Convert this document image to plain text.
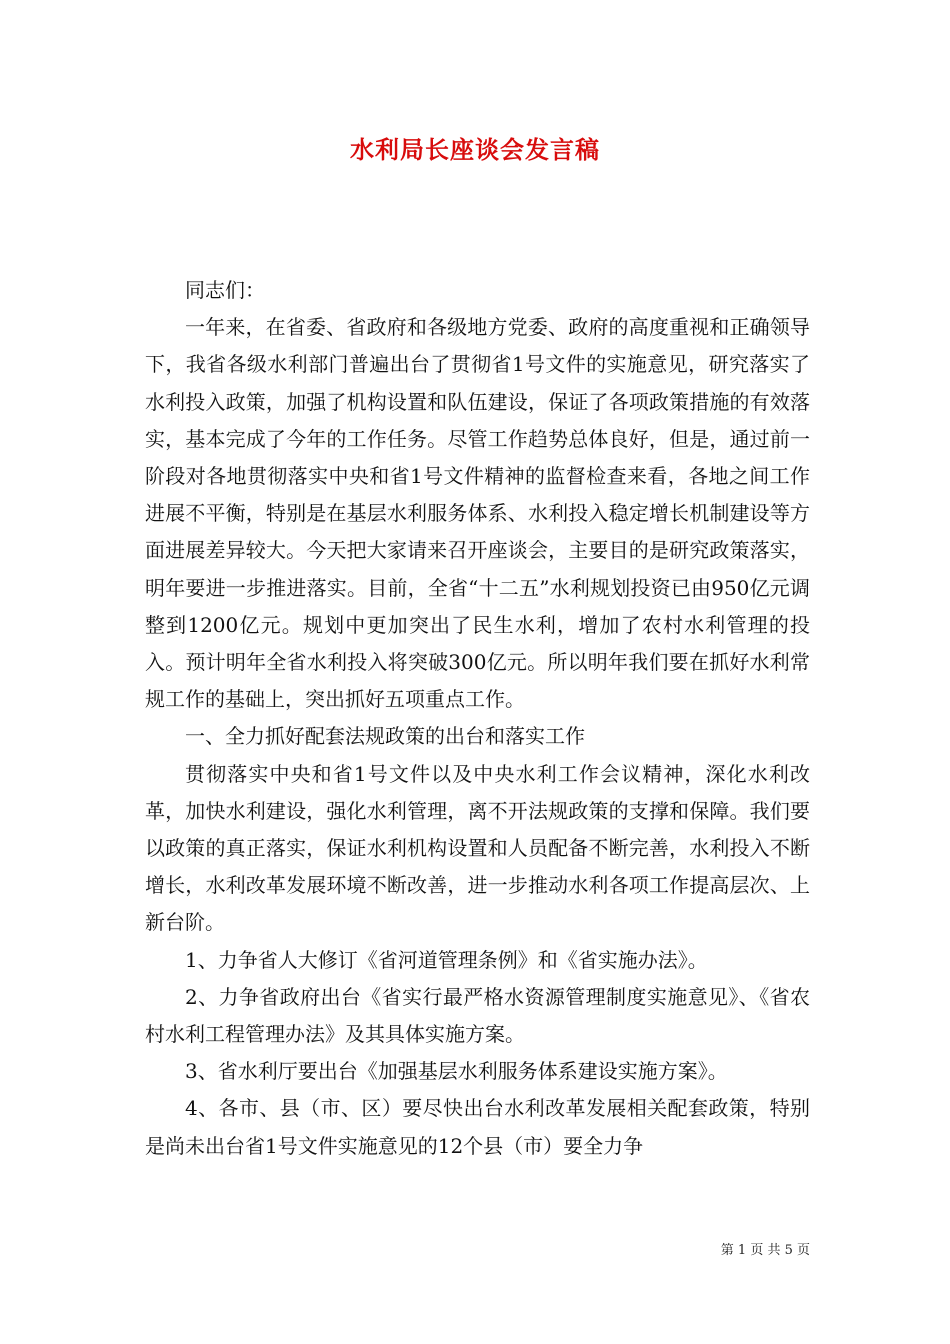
水利局长座谈会发言稿

同志们：

一年来，在省委、省政府和各级地方党委、政府的高度重视和正确领导下，我省各级水利部门普遍出台了贯彻省1号文件的实施意见，研究落实了水利投入政策，加强了机构设置和队伍建设，保证了各项政策措施的有效落实，基本完成了今年的工作任务。尽管工作趋势总体良好，但是，通过前一阶段对各地贯彻落实中央和省1号文件精神的监督检查来看，各地之间工作进展不平衡，特别是在基层水利服务体系、水利投入稳定增长机制建设等方面进展差异较大。今天把大家请来召开座谈会，主要目的是研究政策落实，明年要进一步推进落实。目前，全省“十二五”水利规划投资已由950亿元调整到1200亿元。规划中更加突出了民生水利，增加了农村水利管理的投入。预计明年全省水利投入将突破300亿元。所以明年我们要在抓好水利常规工作的基础上，突出抓好五项重点工作。

一、全力抓好配套法规政策的出台和落实工作

贯彻落实中央和省1号文件以及中央水利工作会议精神，深化水利改革，加快水利建设，强化水利管理，离不开法规政策的支撑和保障。我们要以政策的真正落实，保证水利机构设置和人员配备不断完善，水利投入不断增长，水利改革发展环境不断改善，进一步推动水利各项工作提高层次、上新台阶。

1、力争省人大修订《省河道管理条例》和《省实施办法》。

2、力争省政府出台《省实行最严格水资源管理制度实施意见》、《省农村水利工程管理办法》及其具体实施方案。

3、省水利厅要出台《加强基层水利服务体系建设实施方案》。

4、各市、县（市、区）要尽快出台水利改革发展相关配套政策，特别是尚未出台省1号文件实施意见的12个县（市）要全力争

第 1 页 共 5 页
